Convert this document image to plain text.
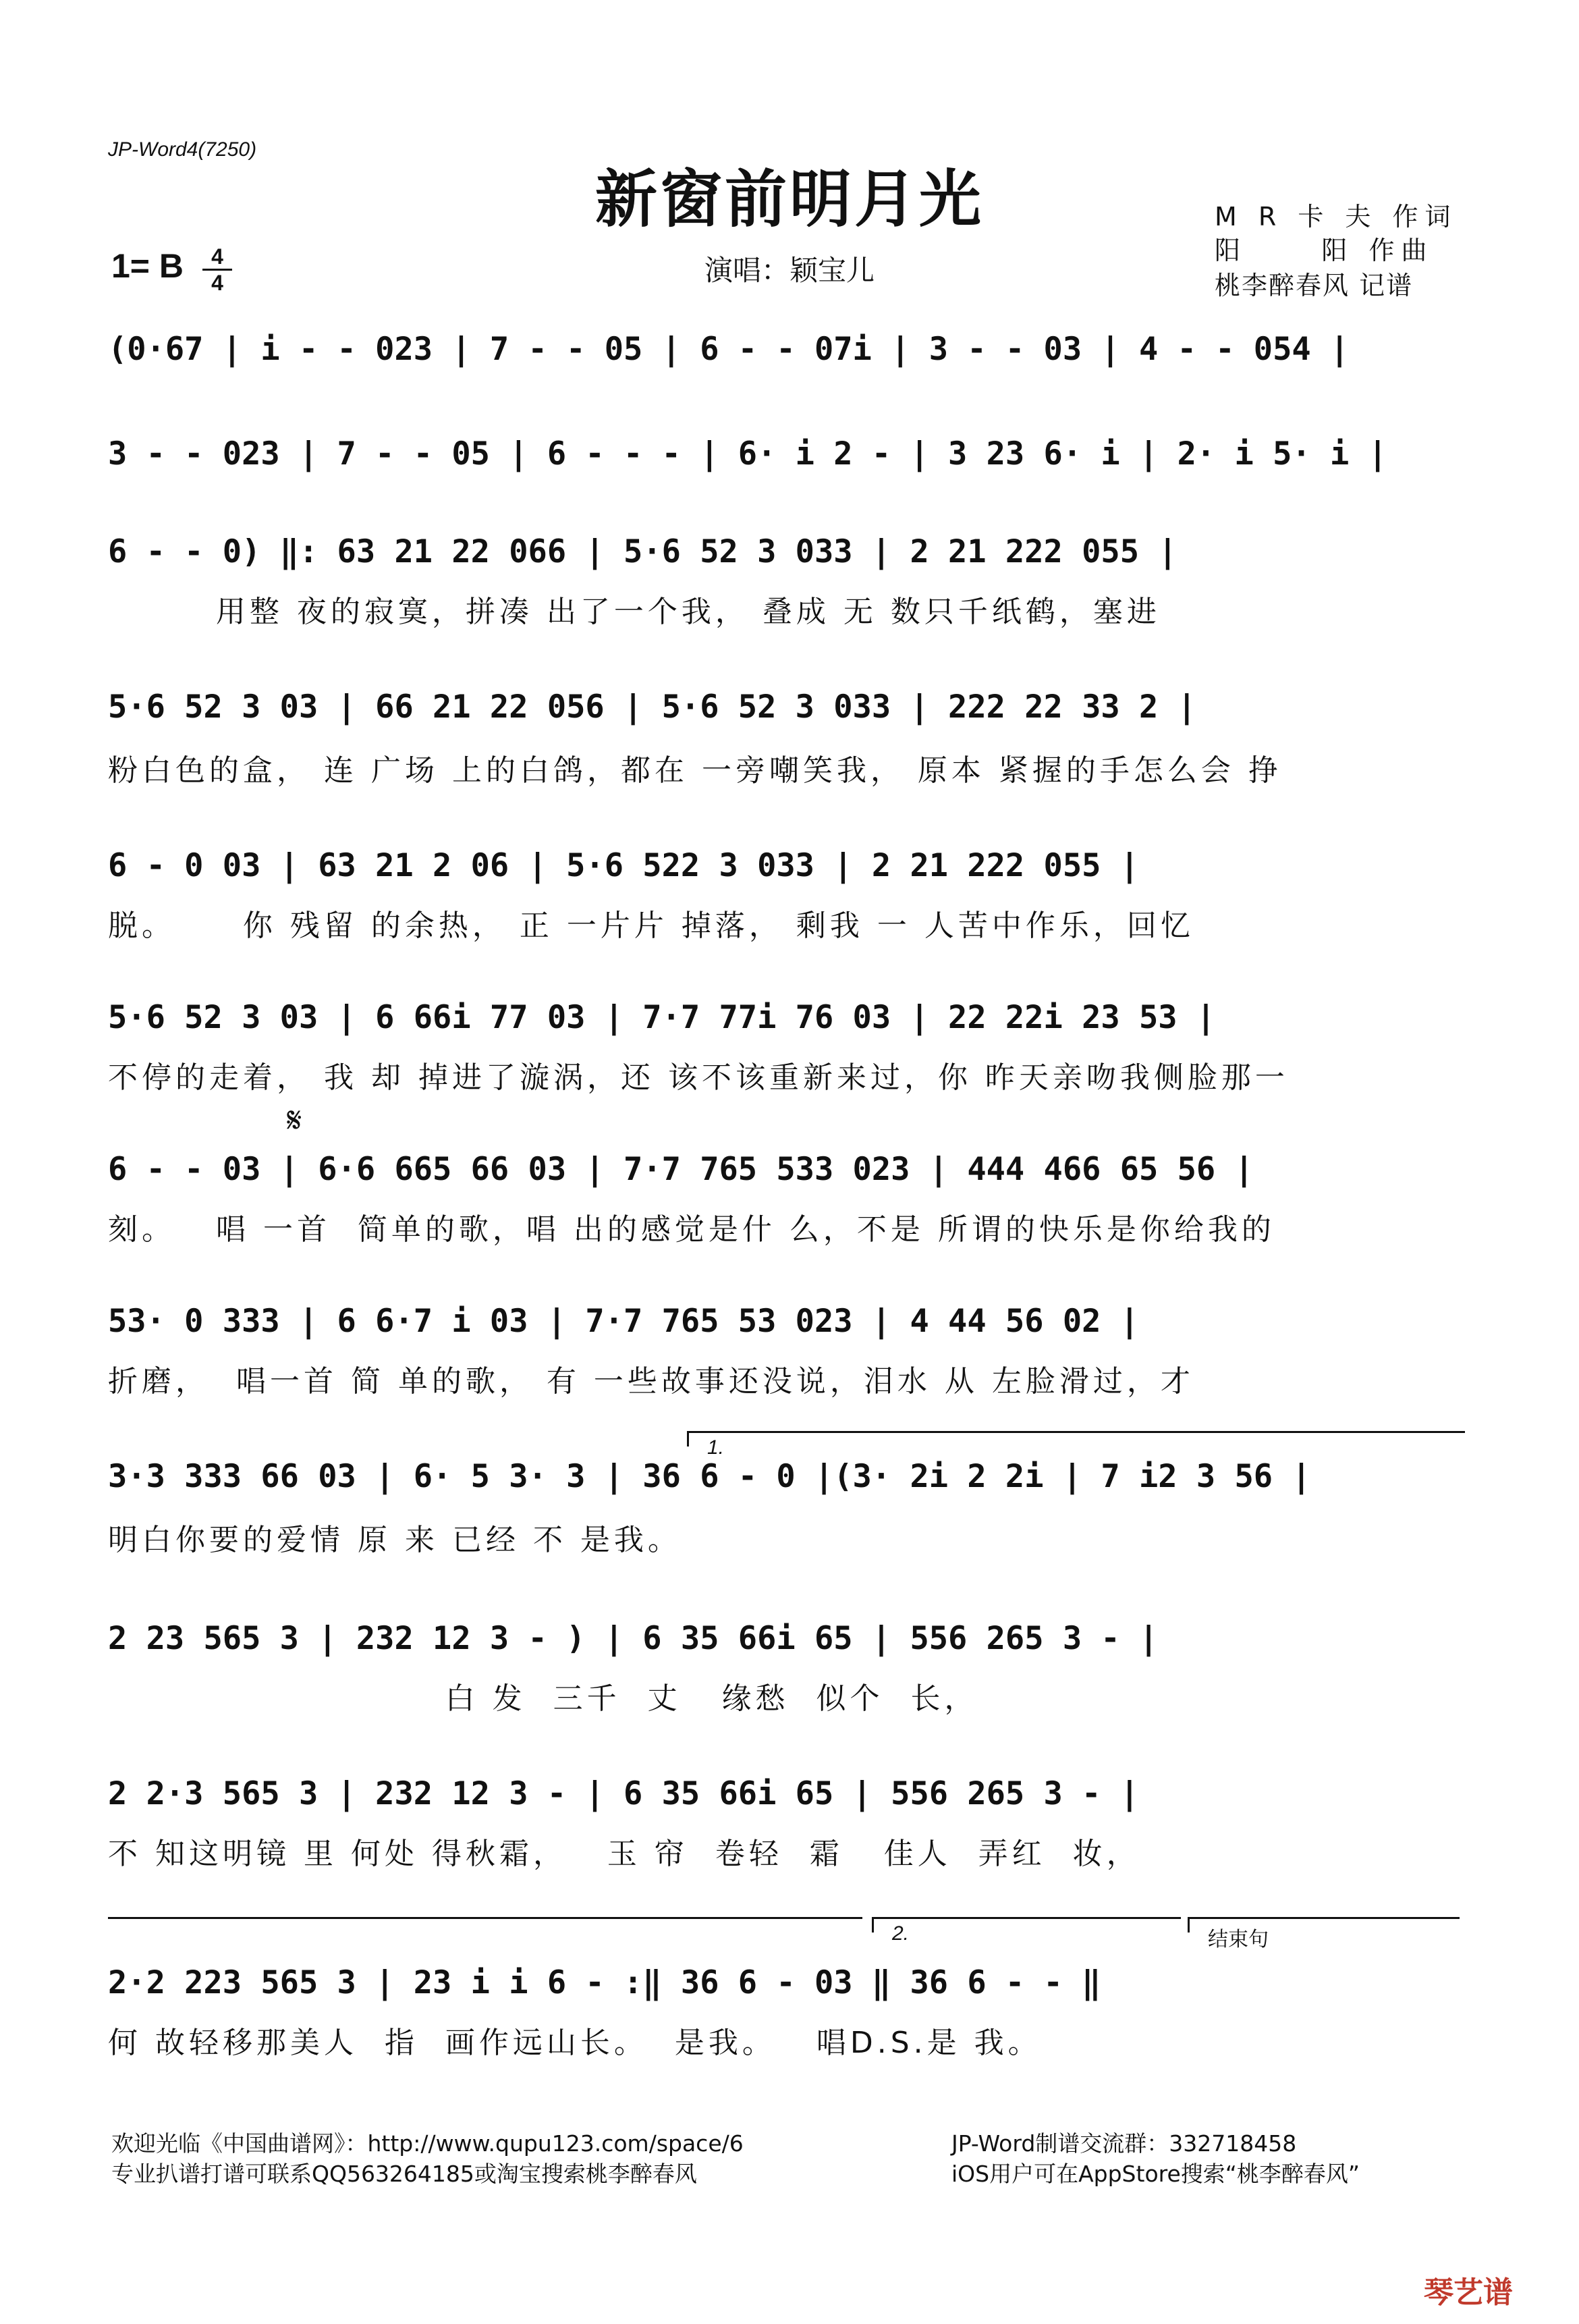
JP-Word4(7250)
新窗前明月光
1= B	4
4	演唱：颖宝儿
M R 卡 夫 作词
阳     阳 作曲
桃李醉春风 记谱
(0·67 | i - - 023 | 7 - - 05 | 6 - - 07i | 3 - - 03 | 4 - - 054 |
3 - - 023 | 7 - - 05 | 6 - - - | 6· i 2 - | 3 23 6· i | 2· i 5· i |
6 - - 0) ‖: 63 21 22 066 | 5·6 52 3 033 | 2 21 222 055 |
用整 夜的寂寞，拼凑 出了一个我， 叠成 无 数只千纸鹤，塞进
5·6 52 3 03 | 66 21 22 056 | 5·6 52 3 033 | 222 22 33 2 |
粉白色的盒， 连 广场 上的白鸽，都在 一旁嘲笑我， 原本 紧握的手怎么会 挣
6 - 0 03 | 63 21 2 06 | 5·6 522 3 033 | 2 21 222 055 |
脱。     你 残留 的余热， 正 一片片 掉落， 剩我 一 人苦中作乐，回忆
5·6 52 3 03 | 6 66i 77 03 | 7·7 77i 76 03 | 22 22i 23 53 |
不停的走着， 我 却 掉进了漩涡，还 该不该重新来过，你 昨天亲吻我侧脸那一
𝄋
6 - - 03 | 6·6 665 66 03 | 7·7 765 533 023 | 444 466 65 56 |
刻。   唱 一首  简单的歌，唱 出的感觉是什 么，不是 所谓的快乐是你给我的
53· 0 333 | 6 6·7 i 03 | 7·7 765 53 023 | 4 44 56 02 |
折磨，  唱一首 简 单的歌， 有 一些故事还没说，泪水 从 左脸滑过，才
1.
3·3 333 66 03 | 6· 5 3· 3 | 36 6 - 0 |(3· 2i 2 2i | 7 i2 3 56 |
明白你要的爱情 原 来 已经 不 是我。
2 23 565 3 | 232 12 3 - ) | 6 35 66i 65 | 556 265 3 - |
白 发  三千  丈   缘愁  似个  长，
2 2·3 565 3 | 232 12 3 - | 6 35 66i 65 | 556 265 3 - |
不 知这明镜 里 何处 得秋霜，   玉 帘  卷轻  霜   佳人  弄红  妆，
2.	结束句
2·2 223 565 3 | 23 i i 6 - :‖ 36 6 - 03 ‖ 36 6 - - ‖
何 故轻移那美人  指  画作远山长。  是我。   唱D.S.是 我。
欢迎光临《中国曲谱网》：http://www.qupu123.com/space/6
专业扒谱打谱可联系QQ563264185或淘宝搜索桃李醉春风
JP-Word制谱交流群：332718458
iOS用户可在AppStore搜索“桃李醉春风”
琴艺谱
